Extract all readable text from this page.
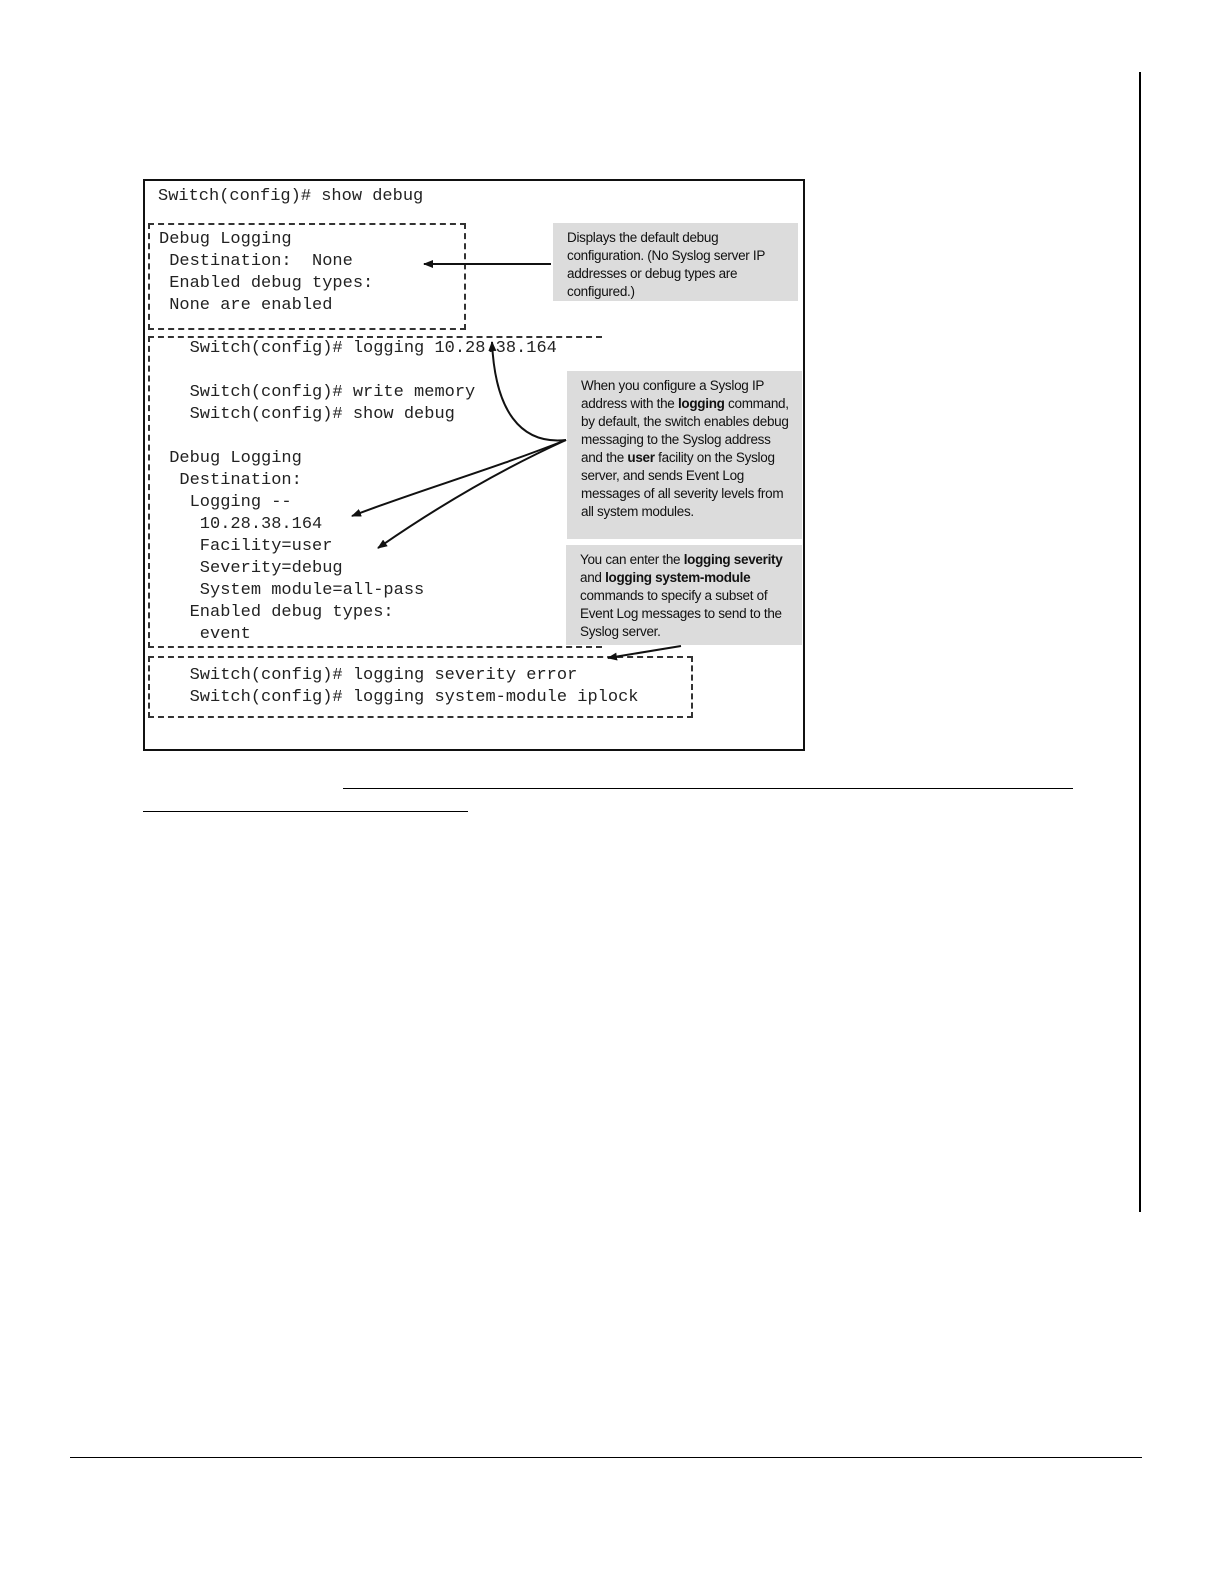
Switch(config)# show debug
Debug Logging
Destination:  None
Enabled debug types:
None are enabled
Switch(config)# logging 10.28.38.164
Switch(config)# write memory
Switch(config)# show debug
Debug Logging
Destination:
Logging --
10.28.38.164
Facility=user
Severity=debug
System module=all-pass
Enabled debug types:
event
Switch(config)# logging severity error
Switch(config)# logging system-module iplock
Displays the default debug configuration. (No Syslog server IP addresses or debug types are configured.)
When you configure a Syslog IP address with the logging command, by default, the switch enables debug messaging to the Syslog address and the user facility on the Syslog server, and sends Event Log messages of all severity levels from all system modules.
You can enter the logging severity and logging system-module commands to specify a subset of Event Log messages to send to the Syslog server.
